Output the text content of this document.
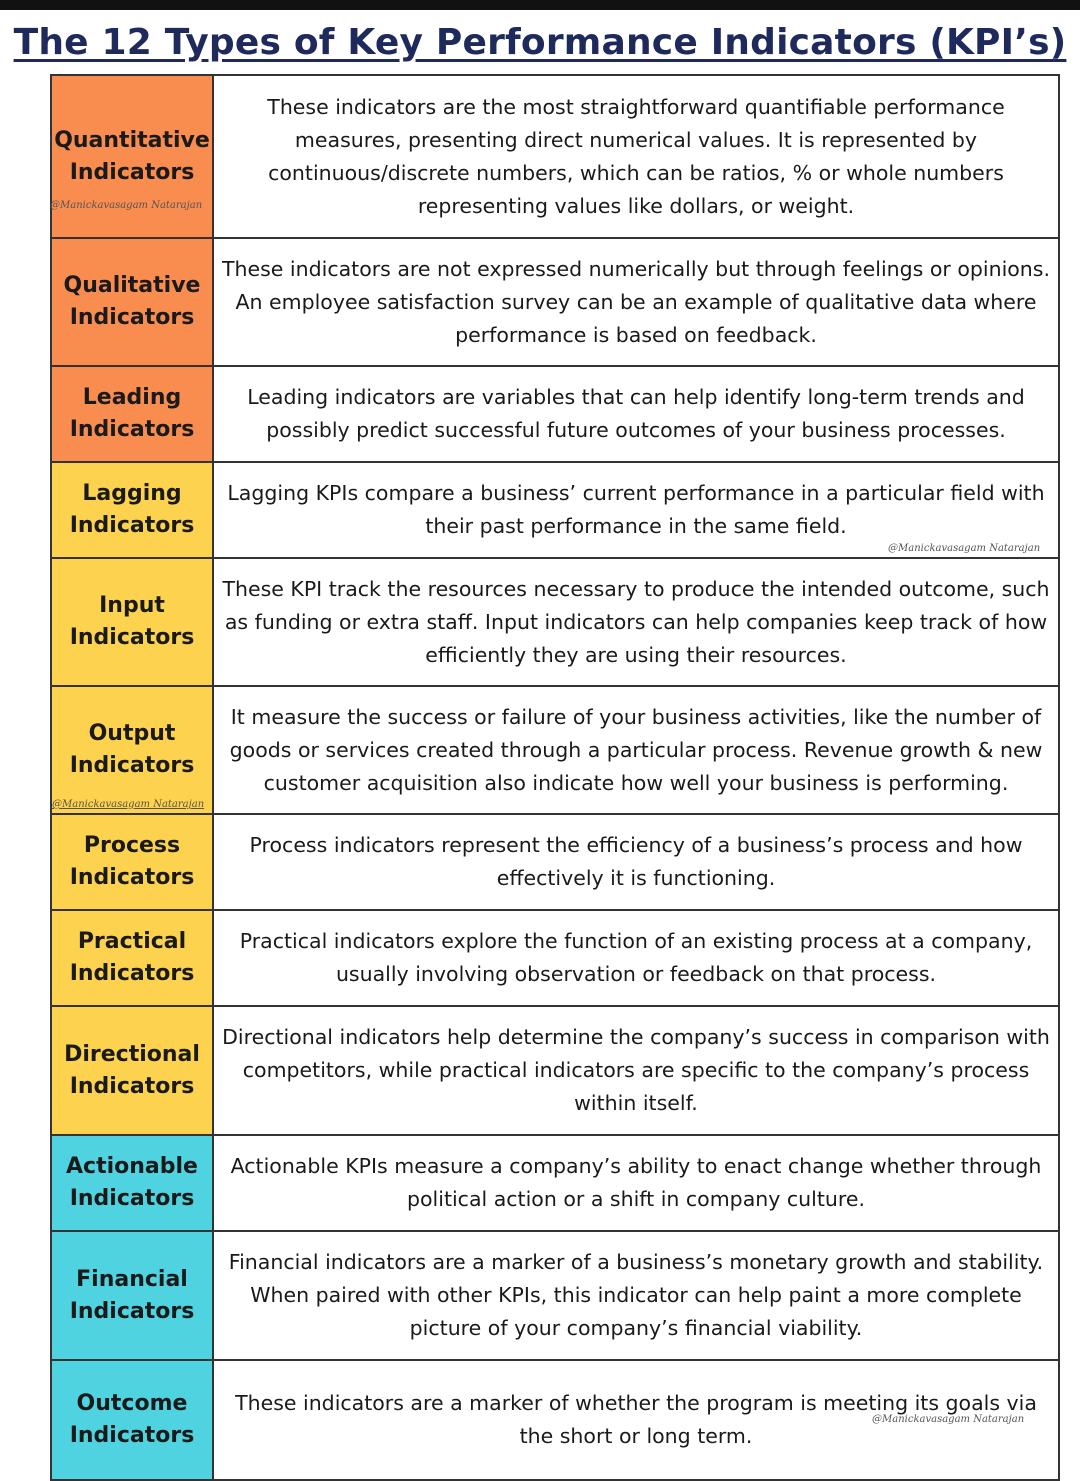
The 12 Types of Key Performance Indicators (KPI’s)
Quantitative
Indicators
These indicators are the most straightforward quantifiable performance measures, presenting direct numerical values. It is represented by continuous/discrete numbers, which can be ratios, % or whole numbers representing values like dollars, or weight.
Qualitative
Indicators
These indicators are not expressed numerically but through feelings or opinions. An employee satisfaction survey can be an example of qualitative data where performance is based on feedback.
Leading
Indicators
Leading indicators are variables that can help identify long-term trends and possibly predict successful future outcomes of your business processes.
Lagging
Indicators
Lagging KPIs compare a business’ current performance in a particular field with their past performance in the same field.
Input
Indicators
These KPI track the resources necessary to produce the intended outcome, such as funding or extra staff. Input indicators can help companies keep track of how efficiently they are using their resources.
Output
Indicators
It measure the success or failure of your business activities, like the number of goods or services created through a particular process. Revenue growth & new customer acquisition also indicate how well your business is performing.
Process
Indicators
Process indicators represent the efficiency of a business’s process and how effectively it is functioning.
Practical
Indicators
Practical indicators explore the function of an existing process at a company, usually involving observation or feedback on that process.
Directional
Indicators
Directional indicators help determine the company’s success in comparison with competitors, while practical indicators are specific to the company’s process within itself.
Actionable
Indicators
Actionable KPIs measure a company’s ability to enact change whether through political action or a shift in company culture.
Financial
Indicators
Financial indicators are a marker of a business’s monetary growth and stability. When paired with other KPIs, this indicator can help paint a more complete picture of your company’s financial viability.
Outcome
Indicators
These indicators are a marker of whether the program is meeting its goals via the short or long term.
@Manickavasagam Natarajan
@Manickavasagam Natarajan
@Manickavasagam Natarajan
@Manickavasagam Natarajan
